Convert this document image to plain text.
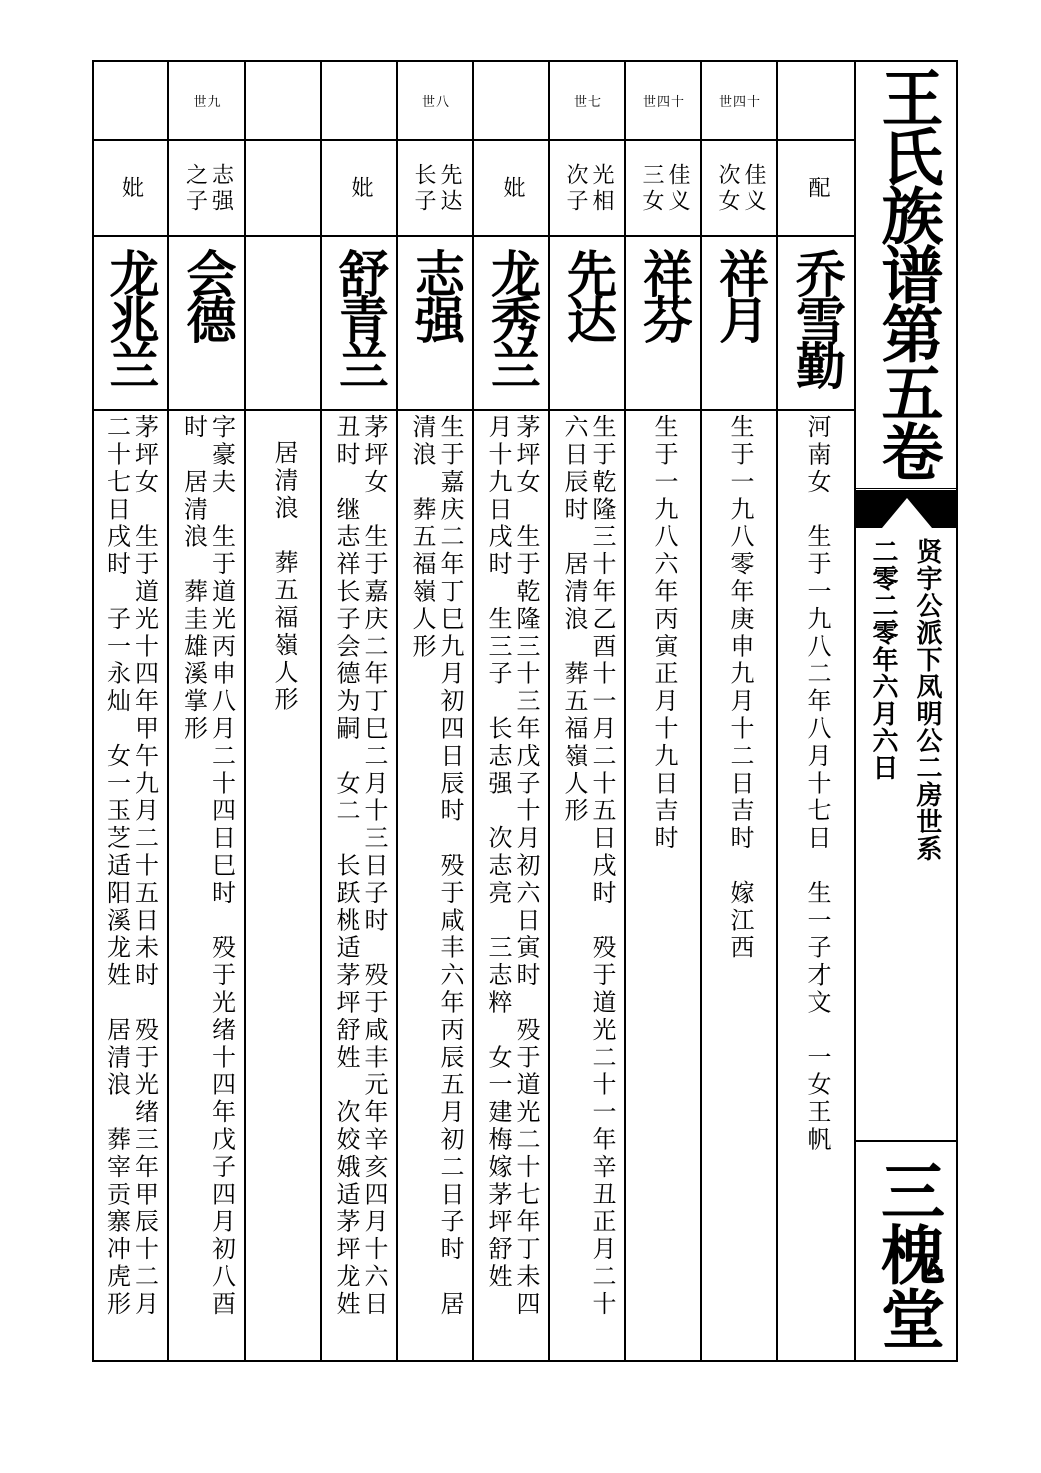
配
乔雪勤
河南女　生于一九八二年八月十七日　生一子才文　一女王帆
世四十
佳义
次女
祥月
生于一九八零年庚申九月十二日吉时　嫁江西
世四十
佳义
三女
祥芬
生于一九八六年丙寅正月十九日吉时
世七
光相
次子
先达
生于乾隆三十年乙酉十一月二十五日戌时　殁于道光二十一年辛丑正月二十
六日辰时　居清浪　葬五福嶺人形
妣
龙秀兰
茅坪女　生于乾隆三十三年戊子十月初六日寅时　殁于道光二十七年丁未四
月十九日戌时　生三子　长志强　次志亮　三志粹　女一建梅嫁茅坪舒姓
世八
先达
长子
志强
生于嘉庆二年丁巳九月初四日辰时　殁于咸丰六年丙辰五月初二日子时　居
清浪　葬五福嶺人形
妣
舒青兰
茅坪女　生于嘉庆二年丁巳二月十三日子时　殁于咸丰元年辛亥四月十六日
丑时　继志祥长子会德为嗣　女二　长跃桃适茅坪舒姓　次姣娥适茅坪龙姓
居清浪　葬五福嶺人形
世九
志强
之子
会德
字豪夫　生于道光丙申八月二十四日巳时　殁于光绪十四年戊子四月初八酉
时　居清浪　葬圭雄溪掌形
妣
龙兆兰
茅坪女　生于道光十四年甲午九月二十五日未时　殁于光绪三年甲辰十二月
二十七日戌时　子一永灿　女一玉芝适阳溪龙姓　居清浪　葬宰贡寨冲虎形
王氏族谱第五卷
贤宇公派下凤明公二房世系
二零二零年六月六日
三槐堂
